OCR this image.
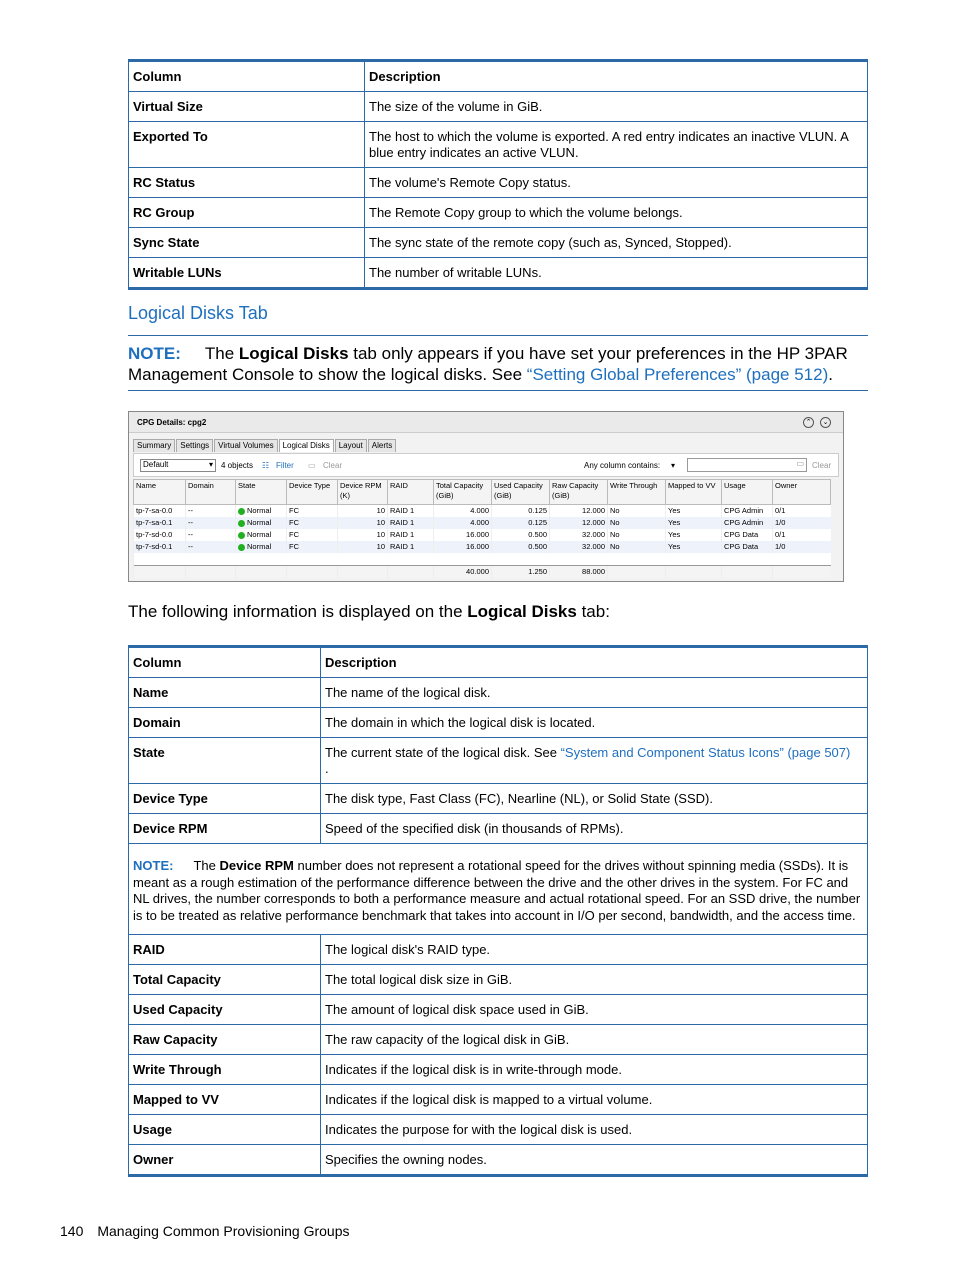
Column	Description
Virtual Size	The size of the volume in GiB.
Exported To	The host to which the volume is exported. A red entry indicates an inactive VLUN. A blue entry indicates an active VLUN.
RC Status	The volume's Remote Copy status.
RC Group	The Remote Copy group to which the volume belongs.
Sync State	The sync state of the remote copy (such as, Synced, Stopped).
Writable LUNs	The number of writable LUNs.
Logical Disks Tab
NOTE: The Logical Disks tab only appears if you have set your preferences in the HP 3PAR Management Console to show the logical disks. See “Setting Global Preferences” (page 512).
CPG Details: cpg2	⌃	⌄
Summary	Settings	Virtual Volumes	Logical Disks	Layout	Alerts
Default	▾ 4 objects ☷ Filter ▭ Clear	Any column contains: ▾	▭ Clear
Name	Domain	State	Device Type	Device RPM (K)	RAID	Total Capacity (GiB)	Used Capacity (GiB)	Raw Capacity (GiB)	Write Through	Mapped to VV	Usage	Owner
tp-7-sa-0.0	--	Normal	FC	10	RAID 1	4.000	0.125	12.000	No	Yes	CPG Admin	0/1
tp-7-sa-0.1	--	Normal	FC	10	RAID 1	4.000	0.125	12.000	No	Yes	CPG Admin	1/0
tp-7-sd-0.0	--	Normal	FC	10	RAID 1	16.000	0.500	32.000	No	Yes	CPG Data	0/1
tp-7-sd-0.1	--	Normal	FC	10	RAID 1	16.000	0.500	32.000	No	Yes	CPG Data	1/0

						40.000	1.250	88.000				
The following information is displayed on the Logical Disks tab:
Column	Description
Name	The name of the logical disk.
Domain	The domain in which the logical disk is located.
State	The current state of the logical disk. See “System and Component Status Icons” (page 507)
.
Device Type	The disk type, Fast Class (FC), Nearline (NL), or Solid State (SSD).
Device RPM	Speed of the specified disk (in thousands of RPMs).
NOTE: The Device RPM number does not represent a rotational speed for the drives without spinning media (SSDs). It is meant as a rough estimation of the performance difference between the drive and the other drives in the system. For FC and NL drives, the number corresponds to both a performance measure and actual rotational speed. For an SSD drive, the number is to be treated as relative performance benchmark that takes into account in I/O per second, bandwidth, and the access time.	
RAID	The logical disk's RAID type.
Total Capacity	The total logical disk size in GiB.
Used Capacity	The amount of logical disk space used in GiB.
Raw Capacity	The raw capacity of the logical disk in GiB.
Write Through	Indicates if the logical disk is in write-through mode.
Mapped to VV	Indicates if the logical disk is mapped to a virtual volume.
Usage	Indicates the purpose for with the logical disk is used.
Owner	Specifies the owning nodes.
140 Managing Common Provisioning Groups
